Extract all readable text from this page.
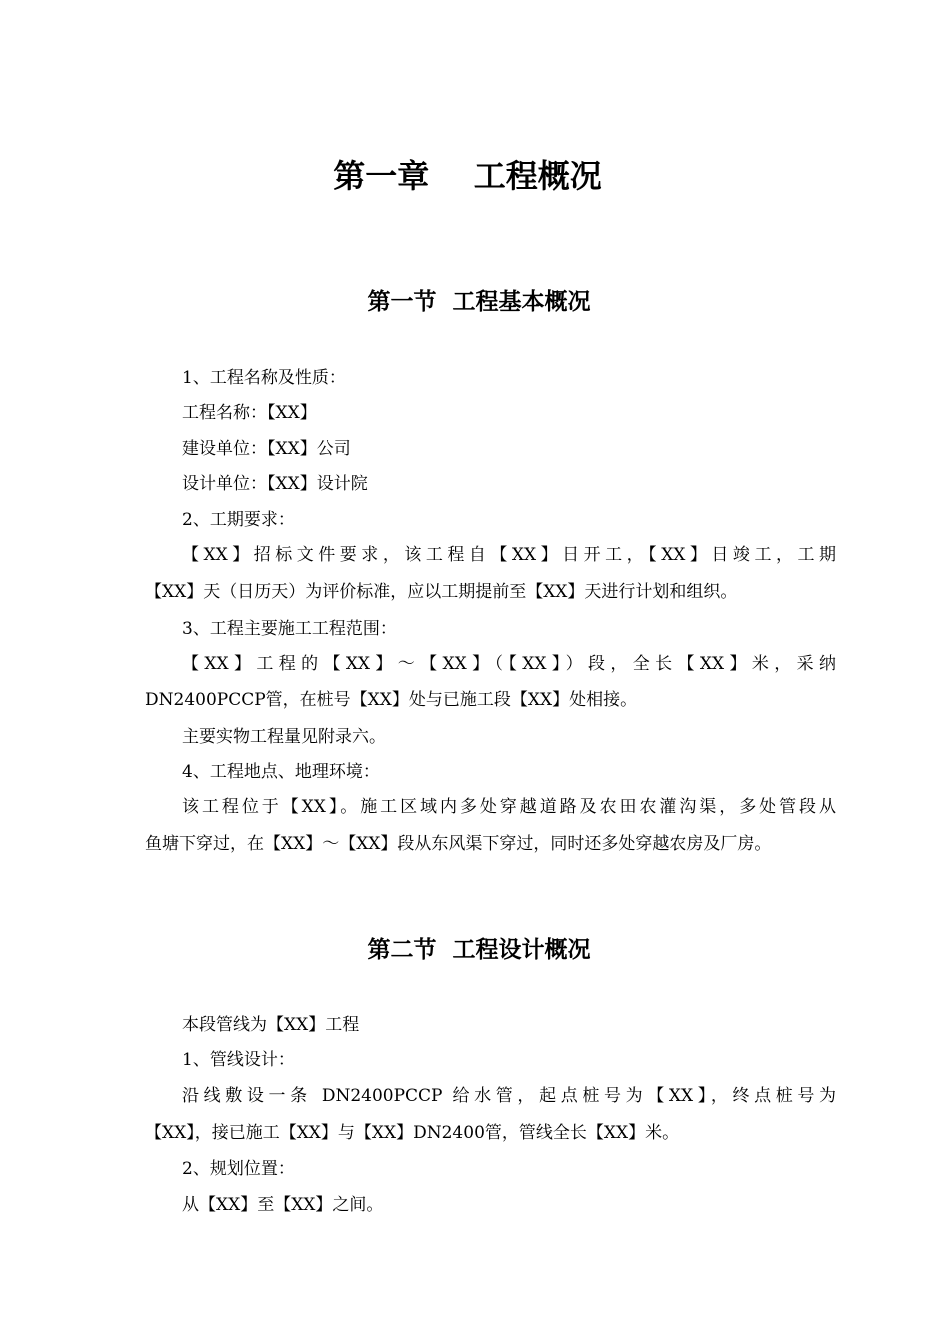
第一章    工程概况
第一节  工程基本概况

1、工程名称及性质：

工程名称：【XX】

建设单位：【XX】公司

设计单位：【XX】设计院

2、工期要求：

【XX】招标文件要求，该工程自【XX】日开工，【XX】日竣工，工期

【XX】天（日历天）为评价标准，应以工期提前至【XX】天进行计划和组织。

3、工程主要施工工程范围：

【XX】工程的【XX】～【XX】（【XX】）段，全长【XX】米，采纳

DN2400PCCP管，在桩号【XX】处与已施工段【XX】处相接。

主要实物工程量见附录六。

4、工程地点、地理环境：

该工程位于【XX】。施工区域内多处穿越道路及农田农灌沟渠，多处管段从

鱼塘下穿过，在【XX】～【XX】段从东风渠下穿过，同时还多处穿越农房及厂房。

第二节  工程设计概况

本段管线为【XX】工程

1、管线设计：

沿线敷设一条 DN2400PCCP 给水管，起点桩号为【XX】，终点桩号为

【XX】，接已施工【XX】与【XX】DN2400管，管线全长【XX】米。

2、规划位置：

从【XX】至【XX】之间。
